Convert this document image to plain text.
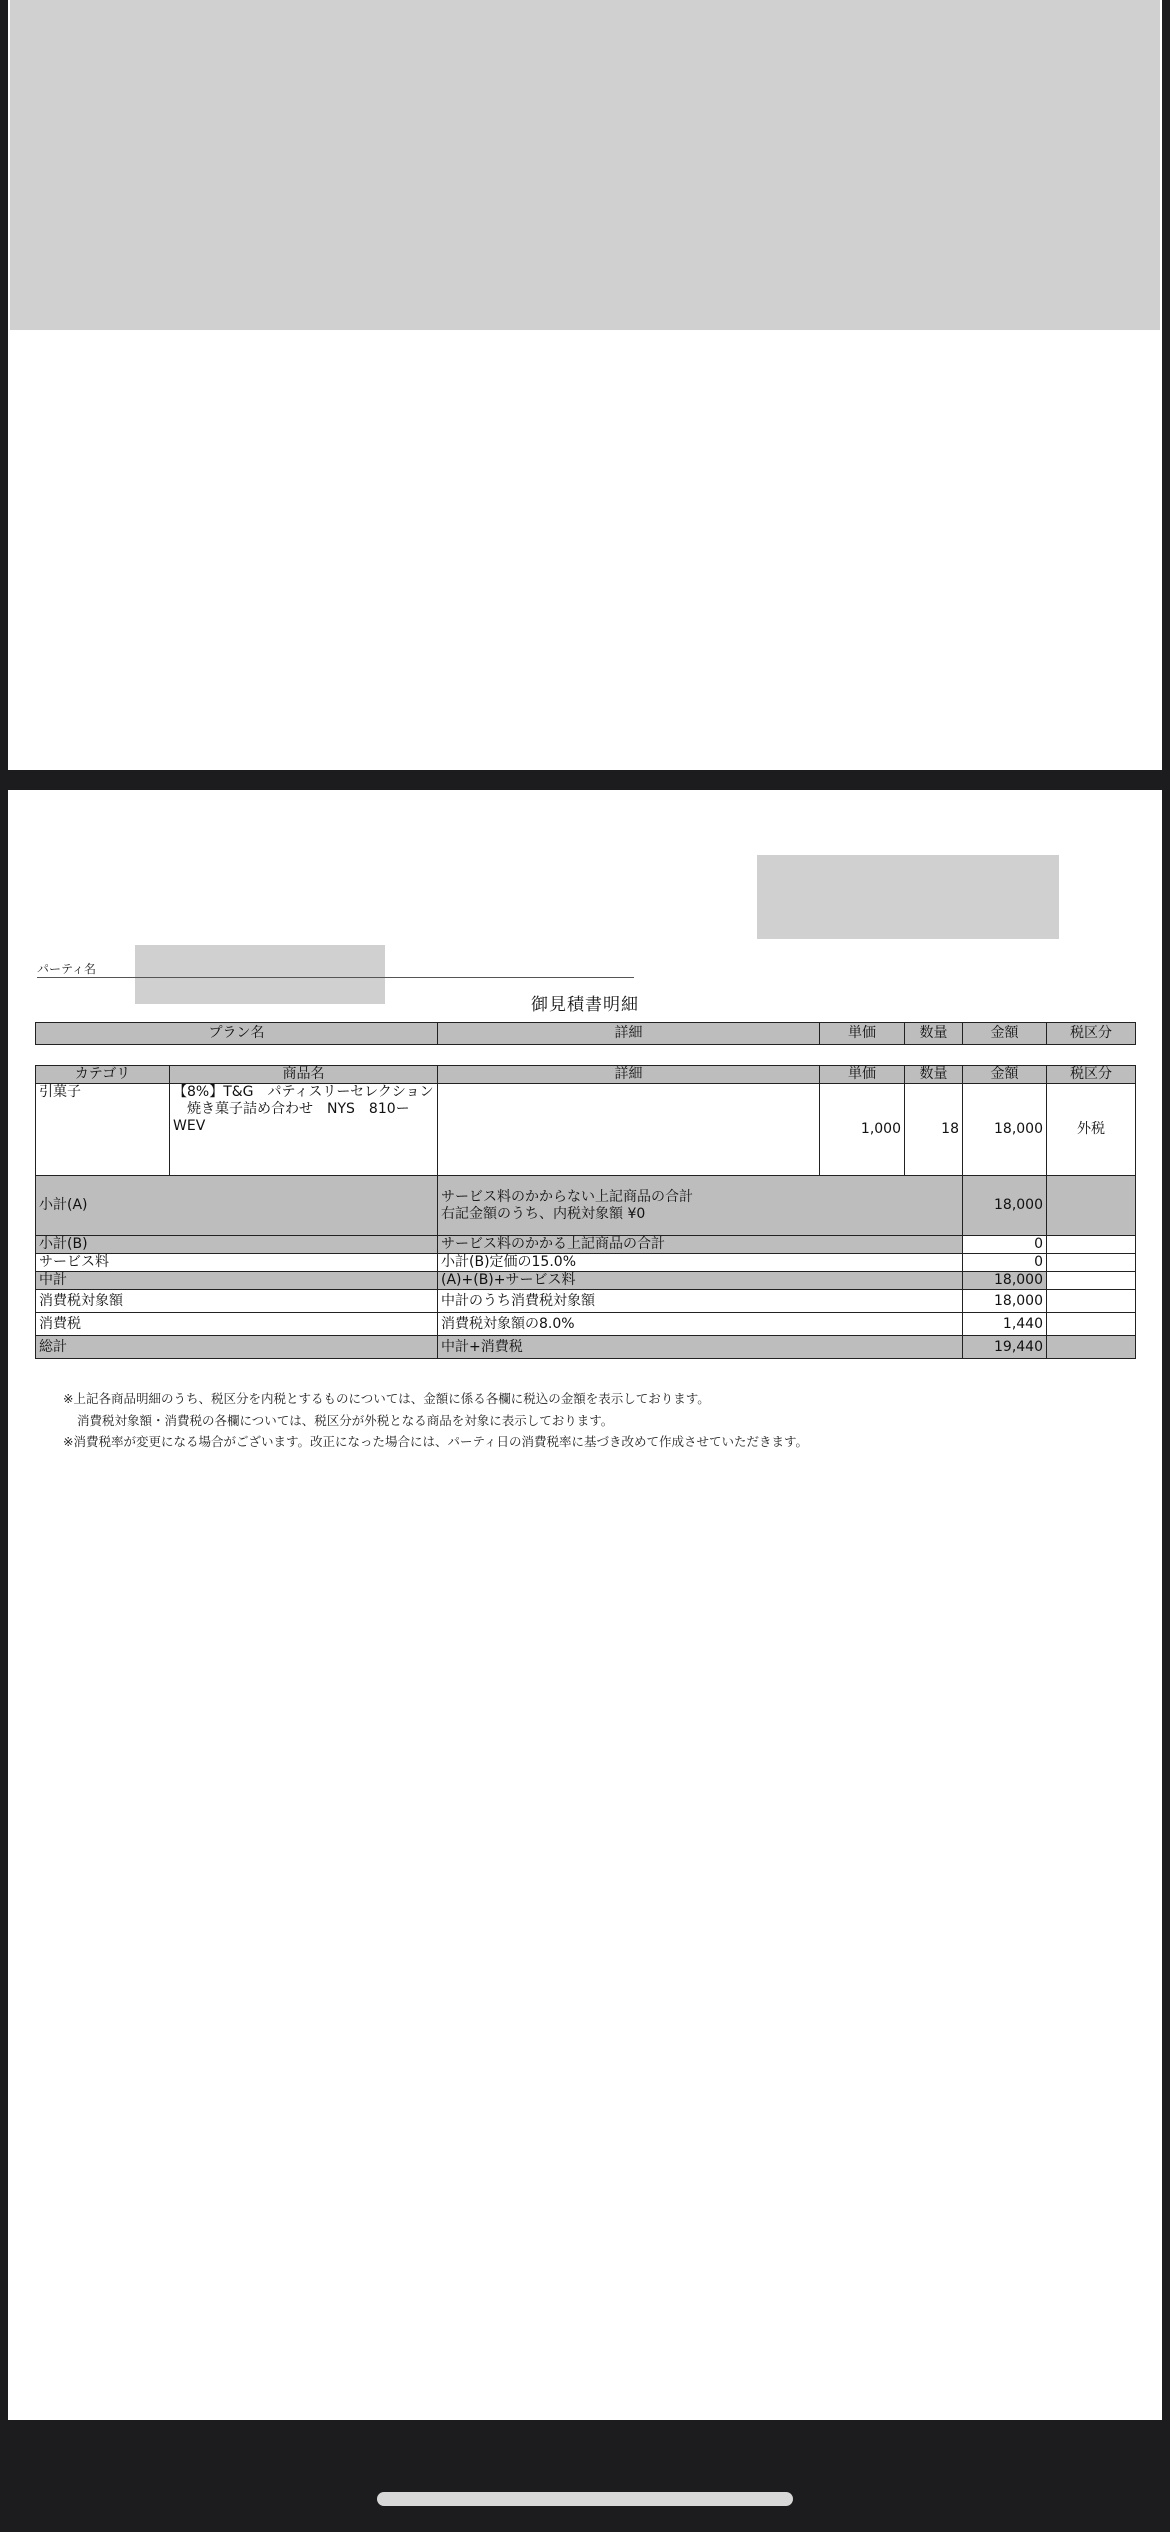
パーティ名
御見積書明細
プラン名	詳細	単価	数量	金額	税区分
カテゴリ	商品名	詳細	単価	数量	金額	税区分
引菓子	【8%】T&G　パティスリーセレクション
　焼き菓子詰め合わせ　NYS　810ー
WEV		1,000	18	18,000	外税
小計(A)		サービス料のかからない上記商品の合計
右記金額のうち、内税対象額 ¥0			18,000	
小計(B)		サービス料のかかる上記商品の合計			0	
サービス料		小計(B)定価の15.0%			0	
中計		(A)+(B)+サービス料			18,000	
消費税対象額		中計のうち消費税対象額			18,000	
消費税		消費税対象額の8.0%			1,440	
総計		中計+消費税			19,440	
※上記各商品明細のうち、税区分を内税とするものについては、金額に係る各欄に税込の金額を表示しております。
消費税対象額・消費税の各欄については、税区分が外税となる商品を対象に表示しております。
※消費税率が変更になる場合がございます。改正になった場合には、パーティ日の消費税率に基づき改めて作成させていただきます。
